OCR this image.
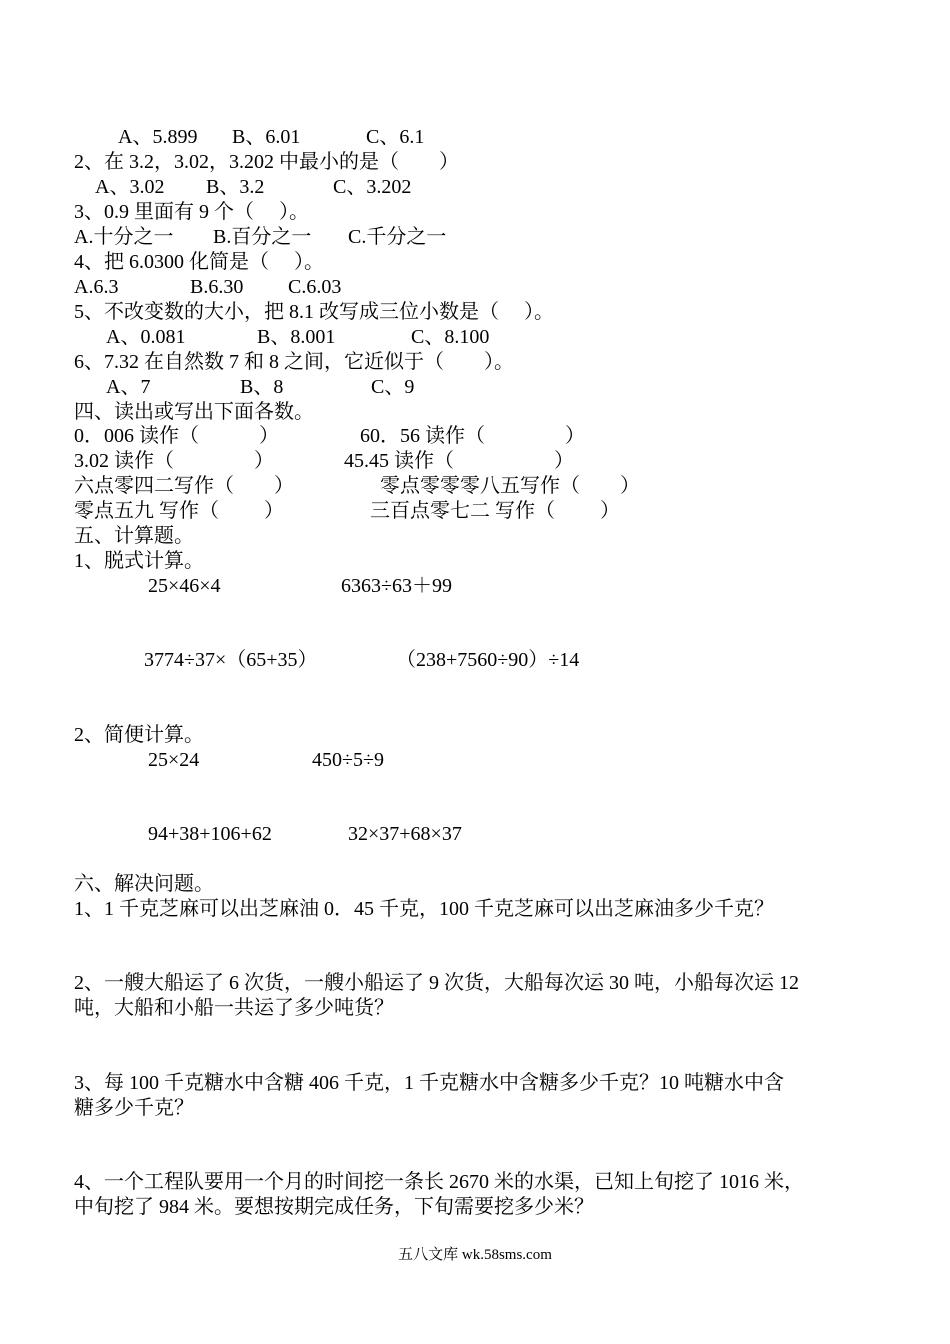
A、5.899 B、6.01	C、6.1
2、在 3.2，3.02，3.202 中最小的是（　　）
A、3.02 B、3.2	C、3.202
3、0.9 里面有 9 个（　 ）。
A.十分之一 B.百分之一 C.千分之一
4、把 6.0300 化简是（　 ）。
A.6.3	B.6.30 C.6.03
5、不改变数的大小，把 8.1 改写成三位小数是（　 ）。
A、0.081	B、8.001	C、8.100
6、7.32 在自然数 7 和 8 之间，它近似于（　　）。
A、7	B、8	C、9
四、读出或写出下面各数。
0．006 读作（　　　）	60．56 读作（　　　　）
3.02 读作（　　　　）	45.45 读作（　　　　　）
六点零四二写作（　　）	零点零零零八五写作（　　）
零点五九 写作（　　 ）	三百点零七二 写作（　　 ）
五、计算题。
1、脱式计算。
25×46×4	6363÷63＋99
3774÷37×（65+35）	（238+7560÷90）÷14
2、简便计算。
25×24	450÷5÷9
94+38+106+62	32×37+68×37
六、解决问题。
1、1 千克芝麻可以出芝麻油 0．45 千克，100 千克芝麻可以出芝麻油多少千克？
2、一艘大船运了 6 次货，一艘小船运了 9 次货，大船每次运 30 吨，小船每次运 12
吨，大船和小船一共运了多少吨货？
3、每 100 千克糖水中含糖 406 千克，1 千克糖水中含糖多少千克？10 吨糖水中含
糖多少千克？
4、一个工程队要用一个月的时间挖一条长 2670 米的水渠，已知上旬挖了 1016 米，
中旬挖了 984 米。要想按期完成任务，下旬需要挖多少米？
五八文库 wk.58sms.com
